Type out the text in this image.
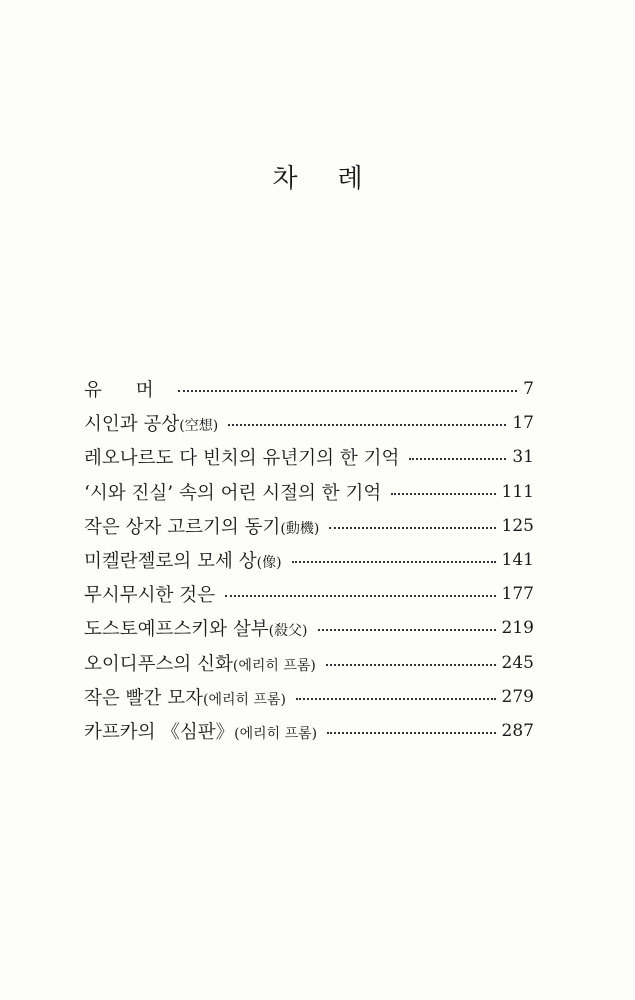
차 례
유 머	7
시인과 공상(空想)	17
레오나르도 다 빈치의 유년기의 한 기억	31
‘시와 진실’ 속의 어린 시절의 한 기억	111
작은 상자 고르기의 동기(動機)	125
미켈란젤로의 모세 상(像)	141
무시무시한 것은	177
도스토예프스키와 살부(殺父)	219
오이디푸스의 신화(에리히 프롬)	245
작은 빨간 모자(에리히 프롬)	279
카프카의 《심판》(에리히 프롬)	287
